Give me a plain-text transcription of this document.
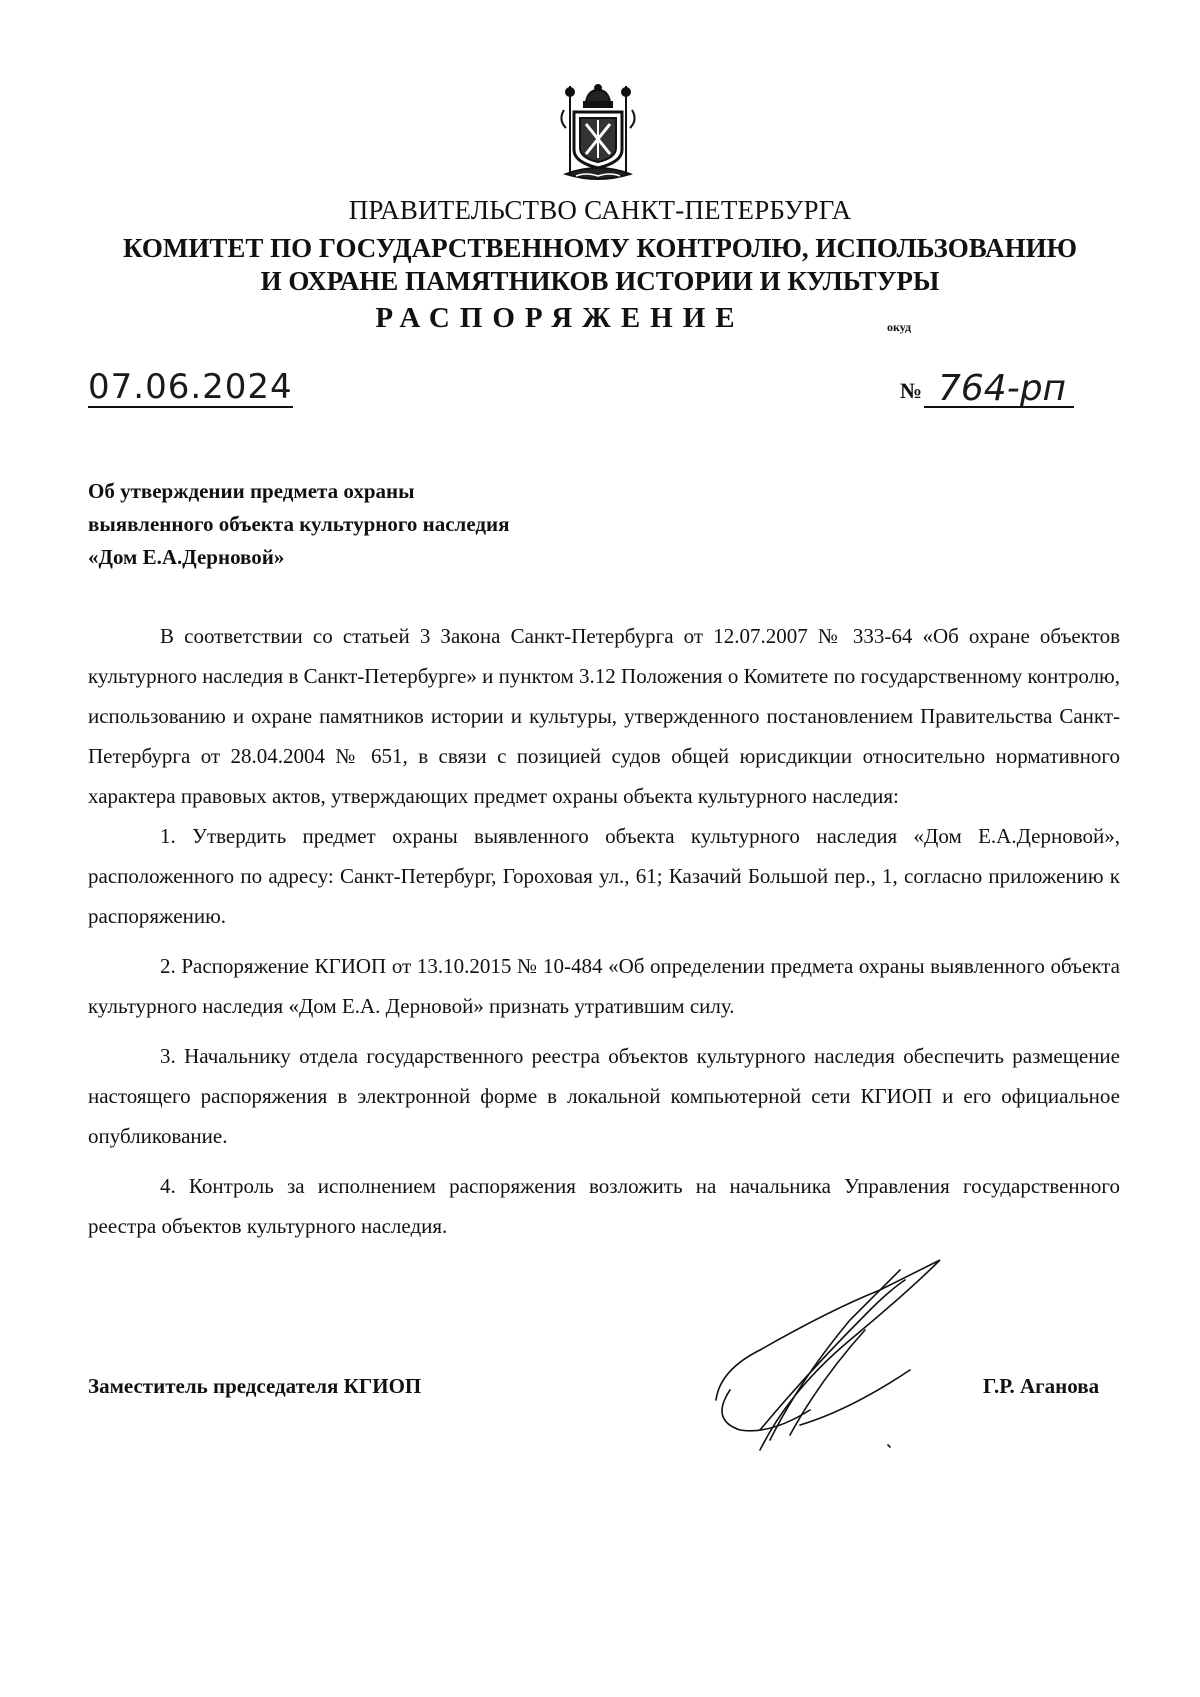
ПРАВИТЕЛЬСТВО САНКТ-ПЕТЕРБУРГА
КОМИТЕТ ПО ГОСУДАРСТВЕННОМУ КОНТРОЛЮ, ИСПОЛЬЗОВАНИЮ
И ОХРАНЕ ПАМЯТНИКОВ ИСТОРИИ И КУЛЬТУРЫ
РАСПОРЯЖЕНИЕ	окуд
07.06.2024	№ 764-рп
Об утверждении предмета охраны
выявленного объекта культурного наследия
«Дом Е.А.Дерновой»

В соответствии со статьей 3 Закона Санкт-Петербурга от 12.07.2007 № 333-64 «Об охране объектов культурного наследия в Санкт-Петербурге» и пунктом 3.12 Положения о Комитете по государственному контролю, использованию и охране памятников истории и культуры, утвержденного постановлением Правительства Санкт-Петербурга от 28.04.2004 № 651, в связи с позицией судов общей юрисдикции относительно нормативного характера правовых актов, утверждающих предмет охраны объекта культурного наследия:

1. Утвердить предмет охраны выявленного объекта культурного наследия «Дом Е.А.Дерновой», расположенного по адресу: Санкт-Петербург, Гороховая ул., 61; Казачий Большой пер., 1, согласно приложению к распоряжению.

2. Распоряжение КГИОП от 13.10.2015 № 10-484 «Об определении предмета охраны выявленного объекта культурного наследия «Дом Е.А. Дерновой» признать утратившим силу.

3. Начальнику отдела государственного реестра объектов культурного наследия обеспечить размещение настоящего распоряжения в электронной форме в локальной компьютерной сети КГИОП и его официальное опубликование.

4. Контроль за исполнением распоряжения возложить на начальника Управления государственного реестра объектов культурного наследия.

Заместитель председателя КГИОП	Г.Р. Аганова
